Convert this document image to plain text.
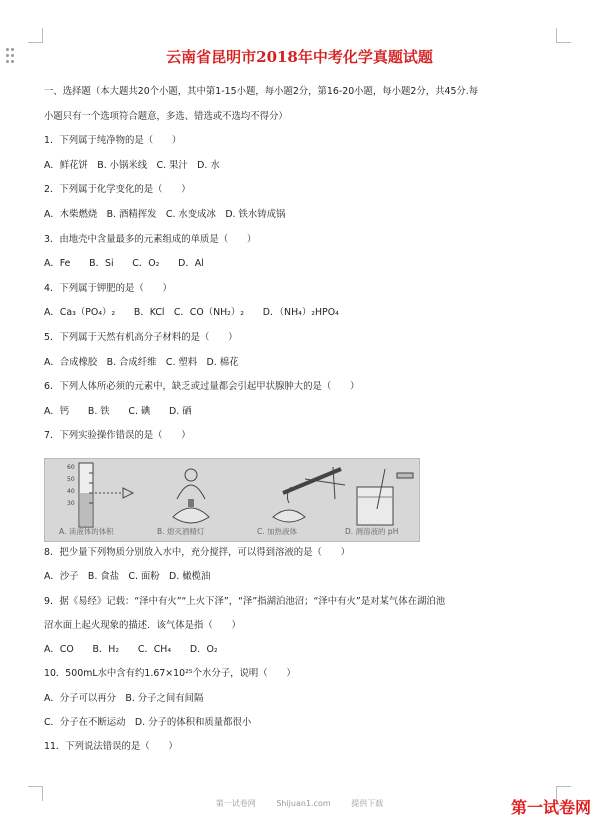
云南省昆明市2018年中考化学真题试题
一、选择题（本大题共20个小题，其中第1-15小题，每小题2分，第16-20小题，每小题2分，共45分.每
小题只有一个选项符合题意，多选、错选或不选均不得分）
1．下列属于纯净物的是（　　）
A．鲜花饼　B. 小锅米线　C. 果汁　D. 水
2．下列属于化学变化的是（　　）
A．木柴燃烧　B. 酒精挥发　C. 水变成冰　D. 铁水铸成锅
3．由地壳中含量最多的元素组成的单质是（　　）
A．Fe　　B．Si　　C．O₂　　D．Al
4．下列属于钾肥的是（　　）
A．Ca₃（PO₄）₂　　B．KCl　C．CO（NH₂）₂　　D．（NH₄）₂HPO₄
5．下列属于天然有机高分子材料的是（　　）
A．合成橡胶　B. 合成纤维　C. 塑料　D. 棉花
6．下列人体所必须的元素中，缺乏或过量都会引起甲状腺肿大的是（　　）
A．钙　　B. 铁　　C. 碘　　D. 硒
7．下列实验操作错误的是（　　）
60
50
40
30
A. 读液体的体积	B. 熄灭酒精灯	C. 加热液体	D. 测溶液的 pH
8．把少量下列物质分别放入水中，充分搅拌，可以得到溶液的是（　　）
A．沙子　B. 食盐　C. 面粉　D. 橄榄油
9．据《易经》记载：“泽中有火”“上火下泽”，“泽”指湖泊池沼；“泽中有火”是对某气体在湖泊池
沼水面上起火现象的描述．该气体是指（　　）
A．CO　　B．H₂　　C．CH₄　　D．O₂
10．500mL水中含有约1.67×10²⁵个水分子，说明（　　）
A．分子可以再分　B. 分子之间有间隔
C．分子在不断运动　D. 分子的体积和质量都很小
11．下列说法错误的是（　　）
第一试卷网	Shijuan1.com	提供下载	第一试卷网
